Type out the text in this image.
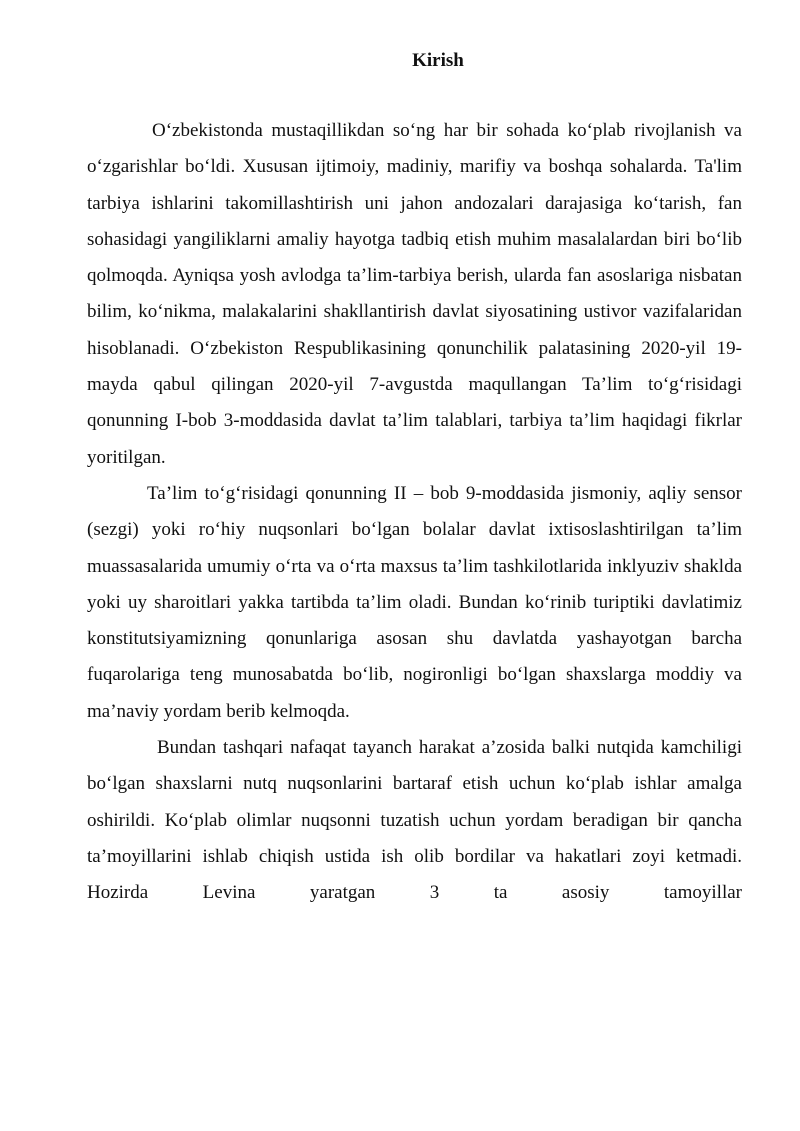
Kirish

O‘zbekistonda mustaqillikdan so‘ng har bir sohada ko‘plab rivojlanish va o‘zgarishlar bo‘ldi. Xususan ijtimoiy, madiniy, marifiy va boshqa sohalarda. Ta'lim tarbiya ishlarini takomillashtirish uni jahon andozalari darajasiga ko‘tarish, fan sohasidagi yangiliklarni amaliy hayotga tadbiq etish muhim masalalardan biri bo‘lib qolmoqda. Ayniqsa yosh avlodga ta’lim-tarbiya berish, ularda fan asoslariga nisbatan bilim, ko‘nikma, malakalarini shakllantirish davlat siyosatining ustivor vazifalaridan hisoblanadi. O‘zbekiston Respublikasining qonunchilik palatasining 2020-yil 19-mayda qabul qilingan 2020-yil 7-avgustda maqullangan Ta’lim to‘g‘risidagi qonunning I-bob 3-moddasida davlat ta’lim talablari, tarbiya ta’lim haqidagi fikrlar yoritilgan.

Ta’lim to‘g‘risidagi qonunning II – bob 9-moddasida jismoniy, aqliy sensor (sezgi) yoki ro‘hiy nuqsonlari bo‘lgan bolalar davlat ixtisoslashtirilgan ta’lim muassasalarida umumiy o‘rta va o‘rta maxsus ta’lim tashkilotlarida inklyuziv shaklda yoki uy sharoitlari yakka tartibda ta’lim oladi. Bundan ko‘rinib turiptiki davlatimiz konstitutsiyamizning qonunlariga asosan shu davlatda yashayotgan barcha fuqarolariga teng munosabatda bo‘lib, nogironligi bo‘lgan shaxslarga moddiy va ma’naviy yordam berib kelmoqda.

Bundan tashqari nafaqat tayanch harakat a’zosida balki nutqida kamchiligi bo‘lgan shaxslarni nutq nuqsonlarini bartaraf etish uchun ko‘plab ishlar amalga oshirildi. Ko‘plab olimlar nuqsonni tuzatish uchun yordam beradigan bir qancha ta’moyillarini ishlab chiqish ustida ish olib bordilar va hakatlari zoyi ketmadi. Hozirda Levina yaratgan 3 ta asosiy tamoyillar
